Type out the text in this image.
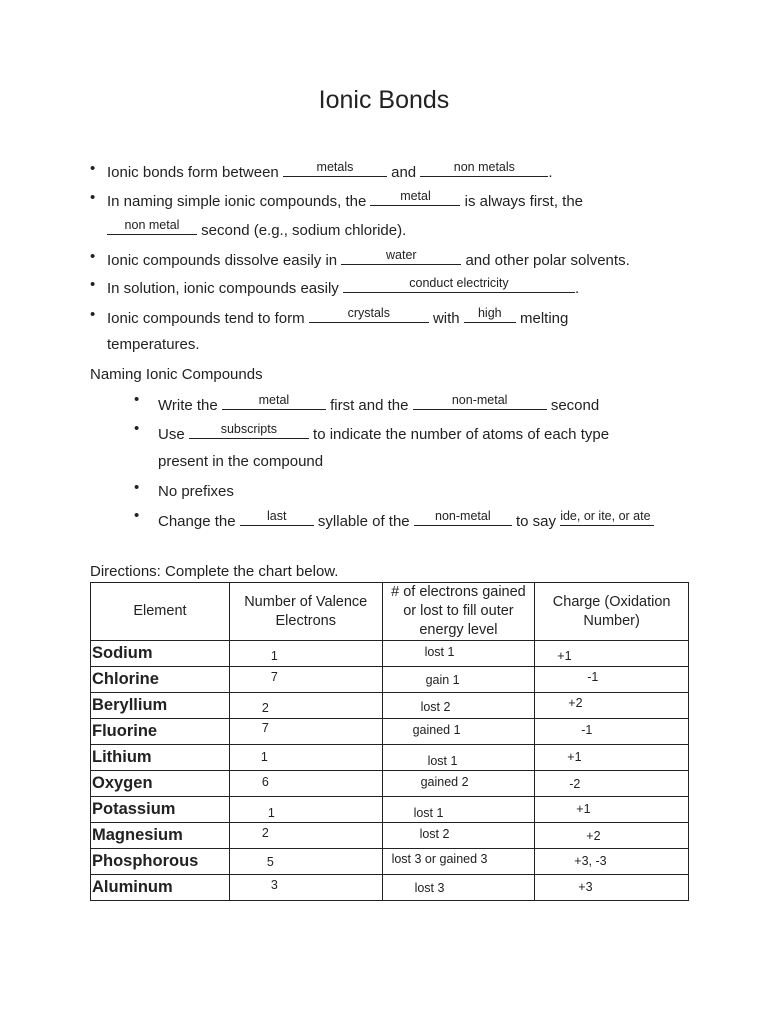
Ionic Bonds
• Ionic bonds form between	metals	and	non metals	.
• In naming simple ionic compounds, the	metal	is always first, the
non metal	second (e.g., sodium chloride).
• Ionic compounds dissolve easily in	water	and other polar solvents.
• In solution, ionic compounds easily	conduct electricity	.
• Ionic compounds tend to form	crystals	with	high	melting
temperatures.
Naming Ionic Compounds
• Write the	metal	first and the	non-metal	second
• Use	subscripts	to indicate the number of atoms of each type
present in the compound
• No prefixes
• Change the	last	syllable of the	non-metal	to say ide, or ite, or ate
Directions: Complete the chart below.
Element	Number of Valence Electrons	# of electrons gained or lost to fill outer energy level	Charge (Oxidation Number)
Sodium	1	lost 1	+1

Chlorine	7	gain 1	-1

Beryllium	2	lost 2	+2

Fluorine	7	gained 1	-1

Lithium	1	lost 1	+1

Oxygen	6	gained 2	-2

Potassium	1	lost 1	+1

Magnesium	2	lost 2	+2

Phosphorous	5	lost 3 or gained 3	+3, -3

Aluminum	3	lost 3	+3
